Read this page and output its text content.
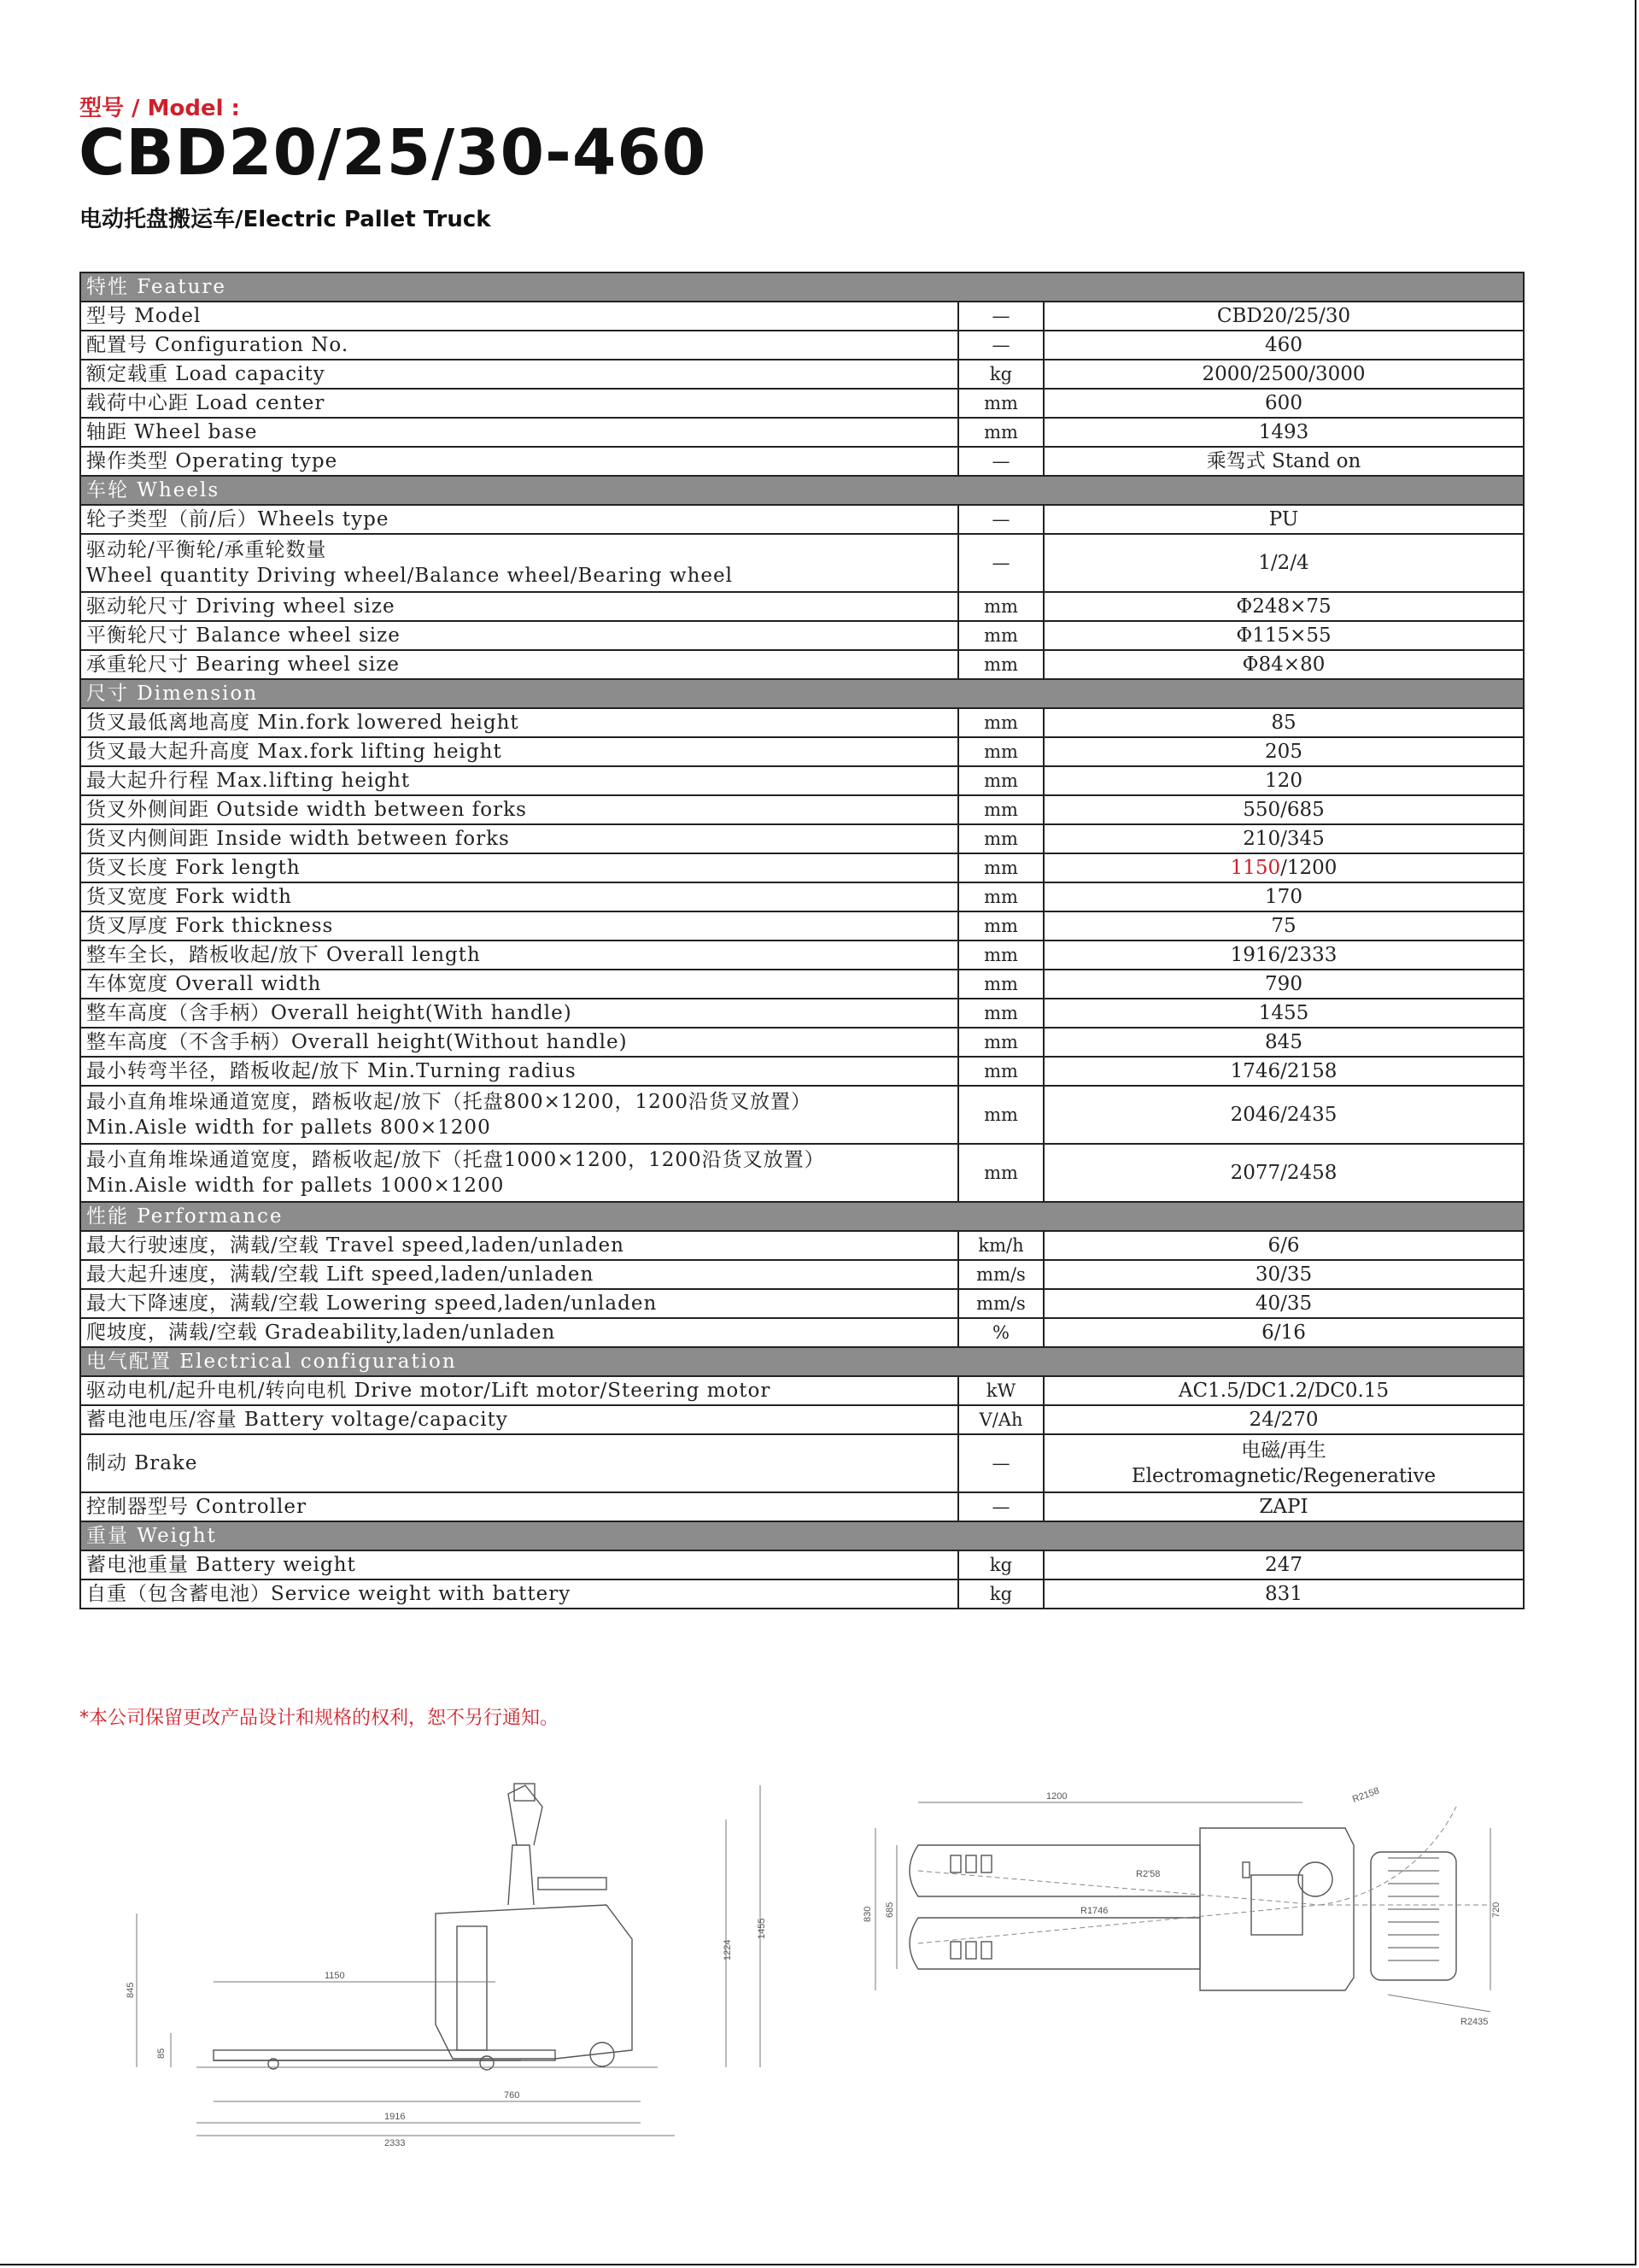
型号 / Model :
CBD20/25/30-460
电动托盘搬运车/Electric Pallet Truck
特性 Feature		
型号 Model	—	CBD20/25/30
配置号 Configuration No.	—	460
额定载重 Load capacity	kg	2000/2500/3000
载荷中心距 Load center	mm	600
轴距 Wheel base	mm	1493
操作类型 Operating type	—	乘驾式 Stand on
车轮 Wheels		
轮子类型（前/后）Wheels type	—	PU

驱动轮/平衡轮/承重轮数量
Wheel quantity Driving wheel/Balance wheel/Bearing wheel	—	1/2/4
驱动轮尺寸 Driving wheel size	mm	Φ248×75
平衡轮尺寸 Balance wheel size	mm	Φ115×55
承重轮尺寸 Bearing wheel size	mm	Φ84×80
尺寸 Dimension		
货叉最低离地高度 Min.fork lowered height	mm	85
货叉最大起升高度 Max.fork lifting height	mm	205
最大起升行程 Max.lifting height	mm	120
货叉外侧间距 Outside width between forks	mm	550/685
货叉内侧间距 Inside width between forks	mm	210/345
货叉长度 Fork length	mm	1150/1200
货叉宽度 Fork width	mm	170
货叉厚度 Fork thickness	mm	75
整车全长，踏板收起/放下 Overall length	mm	1916/2333
车体宽度 Overall width	mm	790
整车高度（含手柄）Overall height(With handle)	mm	1455
整车高度（不含手柄）Overall height(Without handle)	mm	845
最小转弯半径，踏板收起/放下 Min.Turning radius	mm	1746/2158

最小直角堆垛通道宽度，踏板收起/放下（托盘800×1200，1200沿货叉放置）
Min.Aisle width for pallets 800×1200	mm	2046/2435

最小直角堆垛通道宽度，踏板收起/放下（托盘1000×1200，1200沿货叉放置）
Min.Aisle width for pallets 1000×1200	mm	2077/2458
性能 Performance		
最大行驶速度，满载/空载 Travel speed,laden/unladen	km/h	6/6
最大起升速度，满载/空载 Lift speed,laden/unladen	mm/s	30/35
最大下降速度，满载/空载 Lowering speed,laden/unladen	mm/s	40/35
爬坡度，满载/空载 Gradeability,laden/unladen	%	6/16
电气配置 Electrical configuration		
驱动电机/起升电机/转向电机 Drive motor/Lift motor/Steering motor	kW	AC1.5/DC1.2/DC0.15
蓄电池电压/容量 Battery voltage/capacity	V/Ah	24/270
制动 Brake	—	电磁/再生
Electromagnetic/Regenerative

控制器型号 Controller	—	ZAPI
重量 Weight		
蓄电池重量 Battery weight	kg	247
自重（包含蓄电池）Service weight with battery	kg	831
*本公司保留更改产品设计和规格的权利，恕不另行通知。
1150
845
1455
1224
85
760
1916
2333
1200	R2158
R2'58
R1746
830 685	720
R2435
